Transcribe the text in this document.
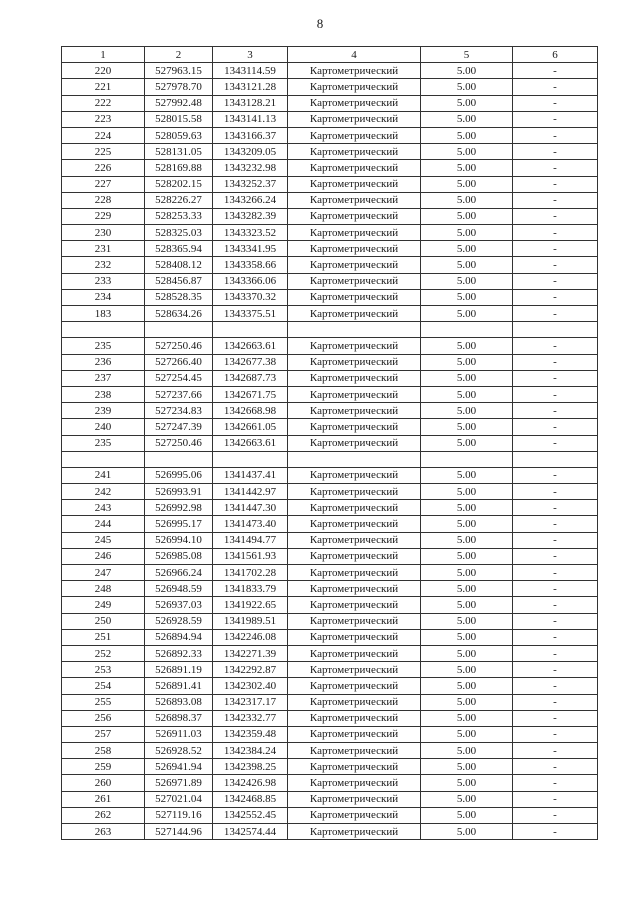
8
1	2	3	4	5	6
220	527963.15	1343114.59	Картометрический	5.00	-
221	527978.70	1343121.28	Картометрический	5.00	-
222	527992.48	1343128.21	Картометрический	5.00	-
223	528015.58	1343141.13	Картометрический	5.00	-
224	528059.63	1343166.37	Картометрический	5.00	-
225	528131.05	1343209.05	Картометрический	5.00	-
226	528169.88	1343232.98	Картометрический	5.00	-
227	528202.15	1343252.37	Картометрический	5.00	-
228	528226.27	1343266.24	Картометрический	5.00	-
229	528253.33	1343282.39	Картометрический	5.00	-
230	528325.03	1343323.52	Картометрический	5.00	-
231	528365.94	1343341.95	Картометрический	5.00	-
232	528408.12	1343358.66	Картометрический	5.00	-
233	528456.87	1343366.06	Картометрический	5.00	-
234	528528.35	1343370.32	Картометрический	5.00	-
183	528634.26	1343375.51	Картометрический	5.00	-

235	527250.46	1342663.61	Картометрический	5.00	-
236	527266.40	1342677.38	Картометрический	5.00	-
237	527254.45	1342687.73	Картометрический	5.00	-
238	527237.66	1342671.75	Картометрический	5.00	-
239	527234.83	1342668.98	Картометрический	5.00	-
240	527247.39	1342661.05	Картометрический	5.00	-
235	527250.46	1342663.61	Картометрический	5.00	-

241	526995.06	1341437.41	Картометрический	5.00	-
242	526993.91	1341442.97	Картометрический	5.00	-
243	526992.98	1341447.30	Картометрический	5.00	-
244	526995.17	1341473.40	Картометрический	5.00	-
245	526994.10	1341494.77	Картометрический	5.00	-
246	526985.08	1341561.93	Картометрический	5.00	-
247	526966.24	1341702.28	Картометрический	5.00	-
248	526948.59	1341833.79	Картометрический	5.00	-
249	526937.03	1341922.65	Картометрический	5.00	-
250	526928.59	1341989.51	Картометрический	5.00	-
251	526894.94	1342246.08	Картометрический	5.00	-
252	526892.33	1342271.39	Картометрический	5.00	-
253	526891.19	1342292.87	Картометрический	5.00	-
254	526891.41	1342302.40	Картометрический	5.00	-
255	526893.08	1342317.17	Картометрический	5.00	-
256	526898.37	1342332.77	Картометрический	5.00	-
257	526911.03	1342359.48	Картометрический	5.00	-
258	526928.52	1342384.24	Картометрический	5.00	-
259	526941.94	1342398.25	Картометрический	5.00	-
260	526971.89	1342426.98	Картометрический	5.00	-
261	527021.04	1342468.85	Картометрический	5.00	-
262	527119.16	1342552.45	Картометрический	5.00	-
263	527144.96	1342574.44	Картометрический	5.00	-
